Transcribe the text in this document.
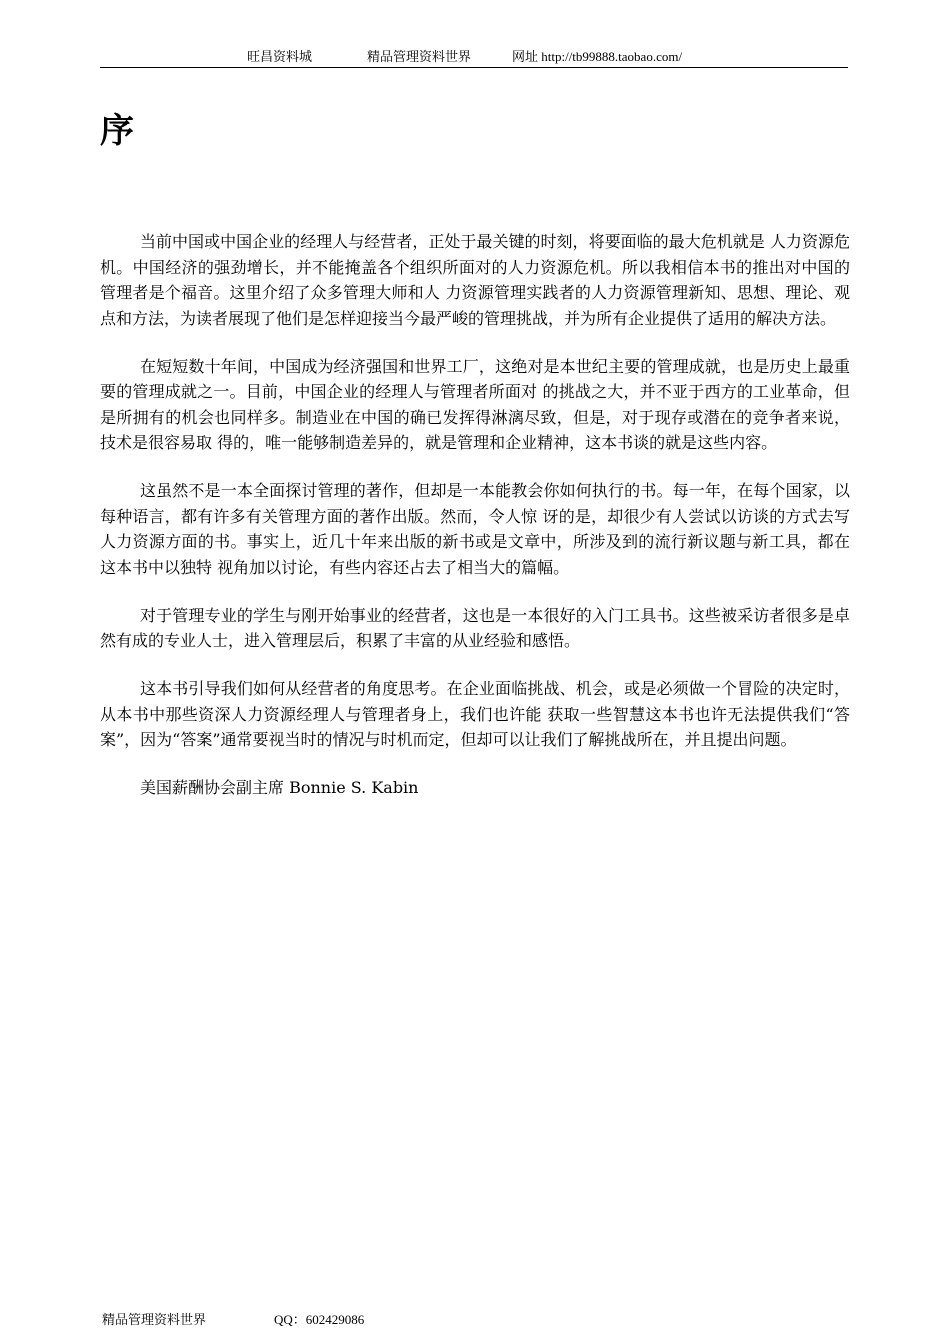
旺昌资料城	精品管理资料世界	网址 http://tb99888.taobao.com/
序

当前中国或中国企业的经理人与经营者，正处于最关键的时刻，将要面临的最大危机就是 人力资源危机。中国经济的强劲增长，并不能掩盖各个组织所面对的人力资源危机。所以我相信本书的推出对中国的管理者是个福音。这里介绍了众多管理大师和人 力资源管理实践者的人力资源管理新知、思想、理论、观点和方法，为读者展现了他们是怎样迎接当今最严峻的管理挑战，并为所有企业提供了适用的解决方法。

在短短数十年间，中国成为经济强国和世界工厂，这绝对是本世纪主要的管理成就，也是历史上最重要的管理成就之一。目前，中国企业的经理人与管理者所面对 的挑战之大，并不亚于西方的工业革命，但是所拥有的机会也同样多。制造业在中国的确已发挥得淋漓尽致，但是，对于现存或潜在的竞争者来说，技术是很容易取 得的，唯一能够制造差异的，就是管理和企业精神，这本书谈的就是这些内容。

这虽然不是一本全面探讨管理的著作，但却是一本能教会你如何执行的书。每一年，在每个国家，以每种语言，都有许多有关管理方面的著作出版。然而，令人惊 讶的是，却很少有人尝试以访谈的方式去写人力资源方面的书。事实上，近几十年来出版的新书或是文章中，所涉及到的流行新议题与新工具，都在这本书中以独特 视角加以讨论，有些内容还占去了相当大的篇幅。

对于管理专业的学生与刚开始事业的经营者，这也是一本很好的入门工具书。这些被采访者很多是卓然有成的专业人士，进入管理层后，积累了丰富的从业经验和感悟。

这本书引导我们如何从经营者的角度思考。在企业面临挑战、机会，或是必须做一个冒险的决定时，从本书中那些资深人力资源经理人与管理者身上，我们也许能 获取一些智慧这本书也许无法提供我们“答案”，因为“答案”通常要视当时的情况与时机而定，但却可以让我们了解挑战所在，并且提出问题。

美国薪酬协会副主席 Bonnie S. Kabin

精品管理资料世界	QQ：602429086
